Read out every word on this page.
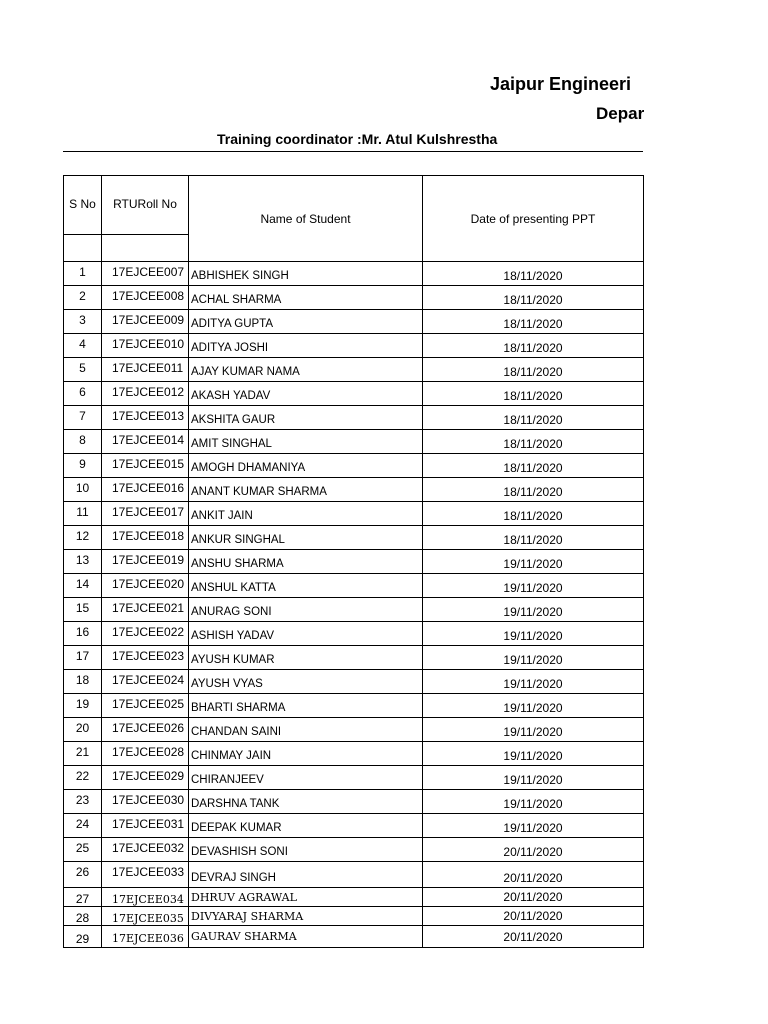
Jaipur Engineeri
Depar
Training coordinator :Mr. Atul Kulshrestha
S No	RTURoll No	Name of Student	Date of presenting PPT

1	17EJCEE007	ABHISHEK SINGH	18/11/2020
2	17EJCEE008	ACHAL SHARMA	18/11/2020
3	17EJCEE009	ADITYA GUPTA	18/11/2020
4	17EJCEE010	ADITYA JOSHI	18/11/2020
5	17EJCEE011	AJAY KUMAR NAMA	18/11/2020
6	17EJCEE012	AKASH YADAV	18/11/2020
7	17EJCEE013	AKSHITA GAUR	18/11/2020
8	17EJCEE014	AMIT SINGHAL	18/11/2020
9	17EJCEE015	AMOGH DHAMANIYA	18/11/2020
10	17EJCEE016	ANANT KUMAR SHARMA	18/11/2020
11	17EJCEE017	ANKIT JAIN	18/11/2020
12	17EJCEE018	ANKUR SINGHAL	18/11/2020
13	17EJCEE019	ANSHU SHARMA	19/11/2020
14	17EJCEE020	ANSHUL KATTA	19/11/2020
15	17EJCEE021	ANURAG SONI	19/11/2020
16	17EJCEE022	ASHISH YADAV	19/11/2020
17	17EJCEE023	AYUSH KUMAR	19/11/2020
18	17EJCEE024	AYUSH VYAS	19/11/2020
19	17EJCEE025	BHARTI SHARMA	19/11/2020
20	17EJCEE026	CHANDAN SAINI	19/11/2020
21	17EJCEE028	CHINMAY JAIN	19/11/2020
22	17EJCEE029	CHIRANJEEV	19/11/2020
23	17EJCEE030	DARSHNA TANK	19/11/2020
24	17EJCEE031	DEEPAK KUMAR	19/11/2020
25	17EJCEE032	DEVASHISH SONI	20/11/2020
26	17EJCEE033	DEVRAJ SINGH	20/11/2020
27	17EJCEE034	DHRUV AGRAWAL	20/11/2020
28	17EJCEE035	DIVYARAJ SHARMA	20/11/2020
29	17EJCEE036	GAURAV SHARMA	20/11/2020
